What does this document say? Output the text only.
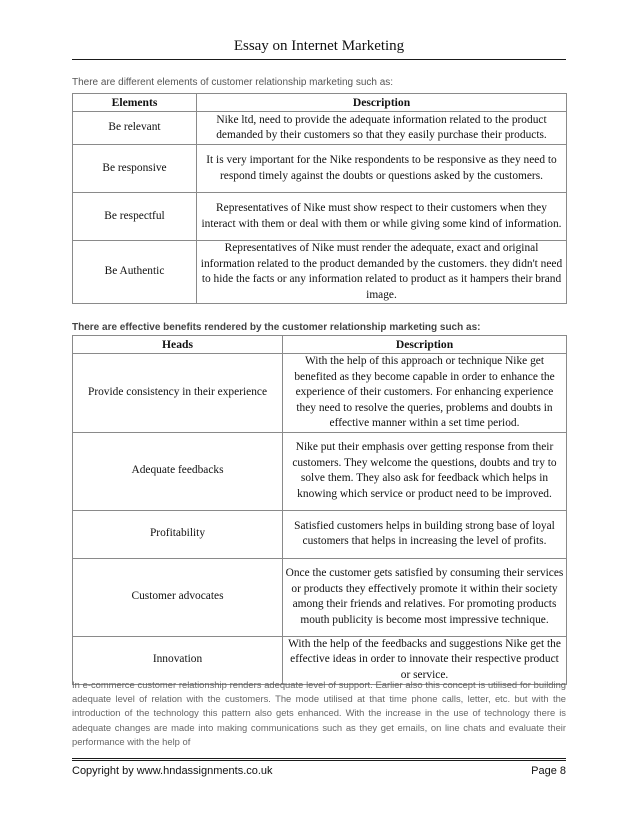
Essay on Internet Marketing
There are different elements of customer relationship marketing such as:
Elements	Description
Be relevant	Nike ltd, need to provide the adequate information related to the product demanded by their customers so that they easily purchase their products.
Be responsive	It is very important for the Nike respondents to be responsive as they need to respond timely against the doubts or questions asked by the customers.
Be respectful	Representatives of Nike must show respect to their customers when they interact with them or deal with them or while giving some kind of information.
Be Authentic	Representatives of Nike must render the adequate, exact and original information related to the product demanded by the customers. they didn't need to hide the facts or any information related to product as it hampers their brand image.
There are effective benefits rendered by the customer relationship marketing such as:
Heads	Description
Provide consistency in their experience	With the help of this approach or technique Nike get benefited as they become capable in order to enhance the experience of their customers. For enhancing experience they need to resolve the queries, problems and doubts in effective manner within a set time period.
Adequate feedbacks	Nike put their emphasis over getting response from their customers. They welcome the questions, doubts and try to solve them. They also ask for feedback which helps in knowing which service or product need to be improved.
Profitability	Satisfied customers helps in building strong base of loyal customers that helps in increasing the level of profits.
Customer advocates	Once the customer gets satisfied by consuming their services or products they effectively promote it within their society among their friends and relatives. For promoting products mouth publicity is become most impressive technique.
Innovation	With the help of the feedbacks and suggestions Nike get the effective ideas in order to innovate their respective product or service.
In e-commerce customer relationship renders adequate level of support. Earlier also this concept is utilised for building adequate level of relation with the customers. The mode utilised at that time phone calls, letter, etc. but with the introduction of the technology this pattern also gets enhanced. With the increase in the use of technology there is adequate changes are made into making communications such as they get emails, on line chats and evaluate their performance with the help of
Copyright by www.hndassignments.co.uk	Page 8
